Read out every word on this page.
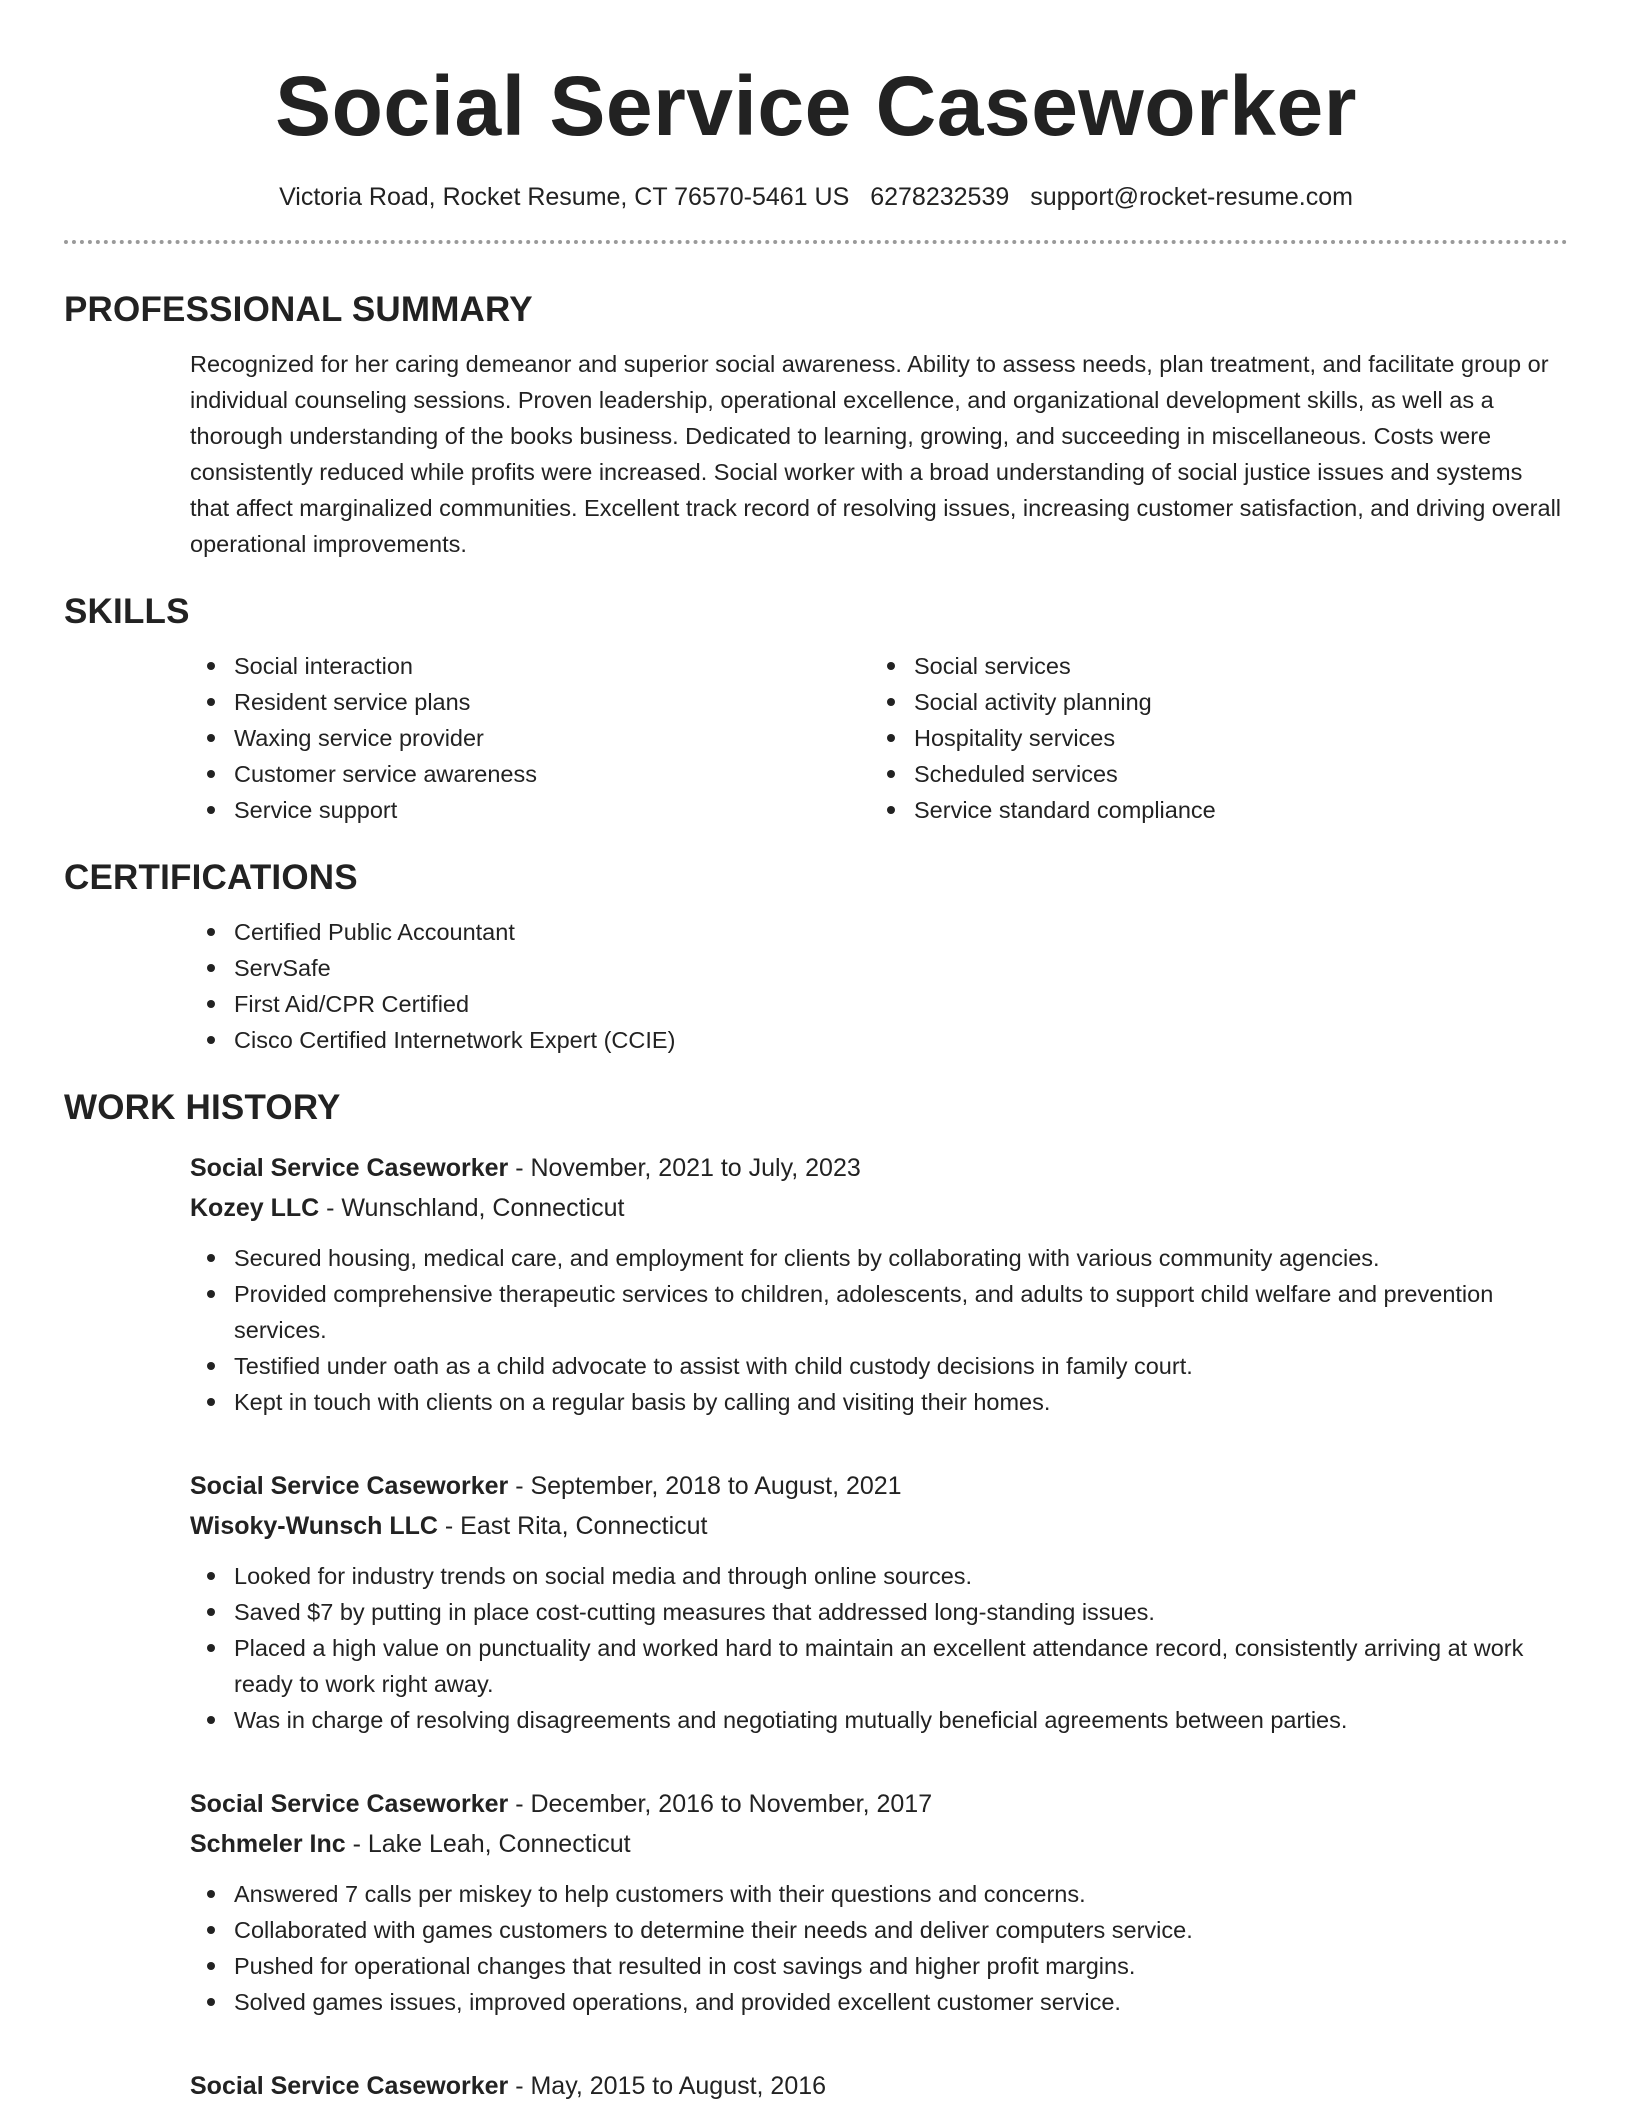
Social Service Caseworker
Victoria Road, Rocket Resume, CT 76570-5461 US 6278232539 support@rocket-resume.com
PROFESSIONAL SUMMARY

Recognized for her caring demeanor and superior social awareness. Ability to assess needs, plan treatment, and facilitate group or individual counseling sessions. Proven leadership, operational excellence, and organizational development skills, as well as a thorough understanding of the books business. Dedicated to learning, growing, and succeeding in miscellaneous. Costs were consistently reduced while profits were increased. Social worker with a broad understanding of social justice issues and systems that affect marginalized communities. Excellent track record of resolving issues, increasing customer satisfaction, and driving overall operational improvements.

SKILLS
Social interaction
Resident service plans
Waxing service provider
Customer service awareness
Service support
Social services
Social activity planning
Hospitality services
Scheduled services
Service standard compliance
CERTIFICATIONS
Certified Public Accountant
ServSafe
First Aid/CPR Certified
Cisco Certified Internetwork Expert (CCIE)
WORK HISTORY
Social Service Caseworker - November, 2021 to July, 2023
Kozey LLC - Wunschland, Connecticut
Secured housing, medical care, and employment for clients by collaborating with various community agencies.
Provided comprehensive therapeutic services to children, adolescents, and adults to support child welfare and prevention services.
Testified under oath as a child advocate to assist with child custody decisions in family court.
Kept in touch with clients on a regular basis by calling and visiting their homes.
Social Service Caseworker - September, 2018 to August, 2021
Wisoky-Wunsch LLC - East Rita, Connecticut
Looked for industry trends on social media and through online sources.
Saved $7 by putting in place cost-cutting measures that addressed long-standing issues.
Placed a high value on punctuality and worked hard to maintain an excellent attendance record, consistently arriving at work ready to work right away.
Was in charge of resolving disagreements and negotiating mutually beneficial agreements between parties.
Social Service Caseworker - December, 2016 to November, 2017
Schmeler Inc - Lake Leah, Connecticut
Answered 7 calls per miskey to help customers with their questions and concerns.
Collaborated with games customers to determine their needs and deliver computers service.
Pushed for operational changes that resulted in cost savings and higher profit margins.
Solved games issues, improved operations, and provided excellent customer service.
Social Service Caseworker - May, 2015 to August, 2016
